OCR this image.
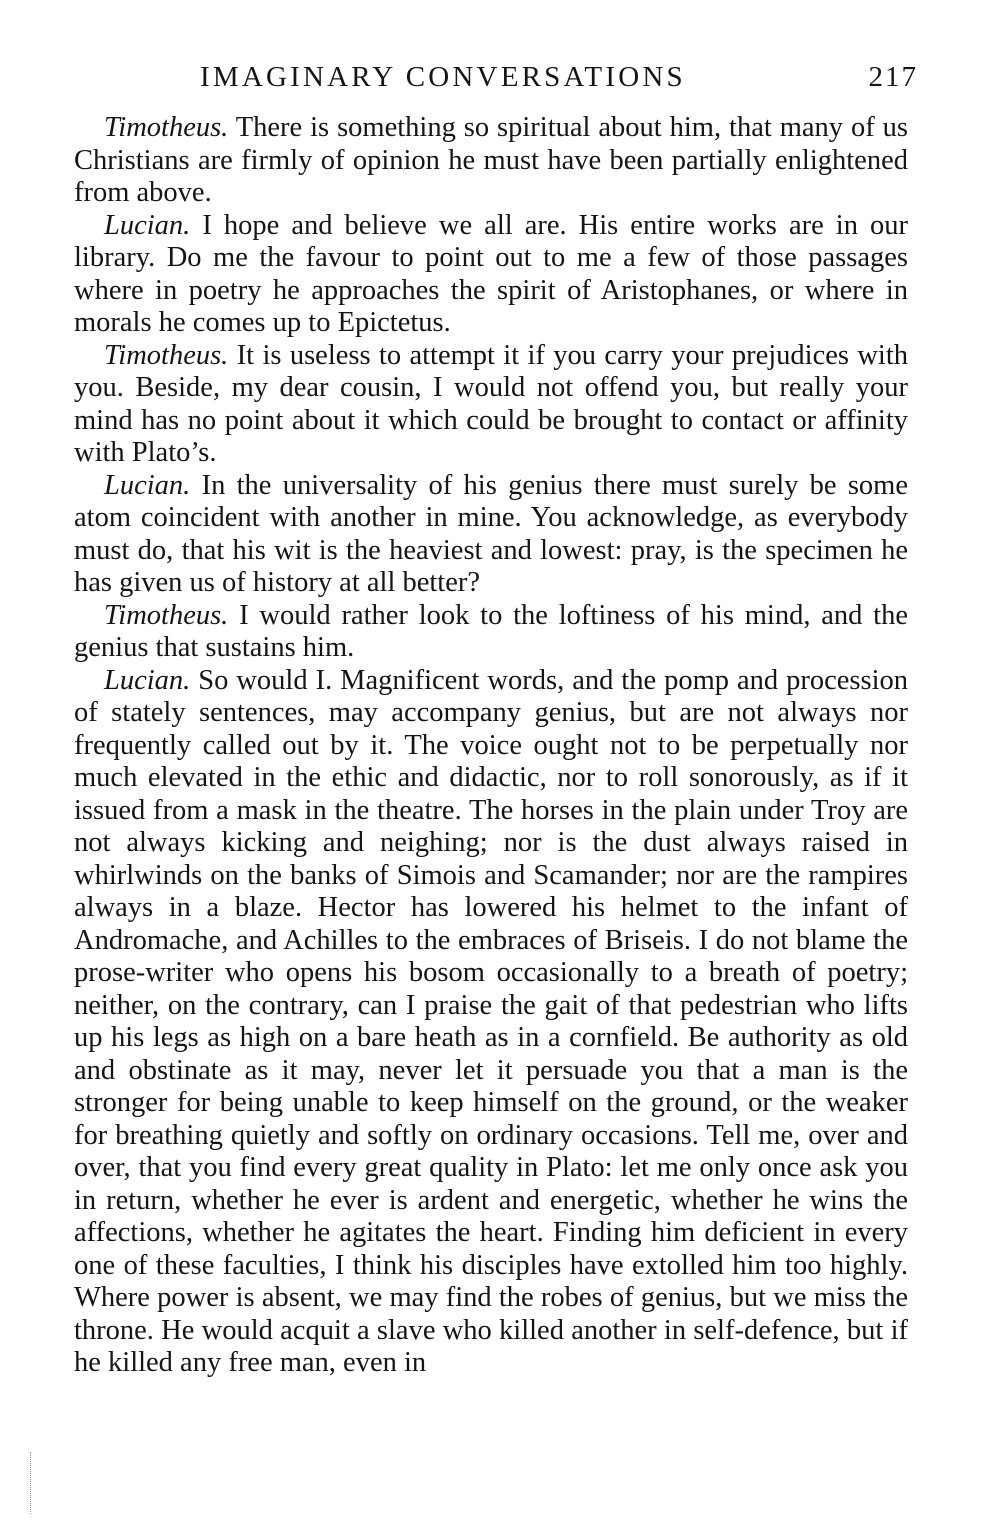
IMAGINARY CONVERSATIONS	217

Timotheus. There is something so spiritual about him, that many of us Christians are firmly of opinion he must have been partially enlightened from above.

Lucian. I hope and believe we all are. His entire works are in our library. Do me the favour to point out to me a few of those passages where in poetry he approaches the spirit of Aristophanes, or where in morals he comes up to Epictetus.

Timotheus. It is useless to attempt it if you carry your prejudices with you. Beside, my dear cousin, I would not offend you, but really your mind has no point about it which could be brought to contact or affinity with Plato’s.

Lucian. In the universality of his genius there must surely be some atom coincident with another in mine. You acknowledge, as everybody must do, that his wit is the heaviest and lowest: pray, is the specimen he has given us of history at all better?

Timotheus. I would rather look to the loftiness of his mind, and the genius that sustains him.

Lucian. So would I. Magnificent words, and the pomp and procession of stately sentences, may accompany genius, but are not always nor frequently called out by it. The voice ought not to be perpetually nor much elevated in the ethic and didactic, nor to roll sonorously, as if it issued from a mask in the theatre. The horses in the plain under Troy are not always kicking and neighing; nor is the dust always raised in whirlwinds on the banks of Simois and Scamander; nor are the rampires always in a blaze. Hector has lowered his helmet to the infant of Andromache, and Achilles to the embraces of Briseis. I do not blame the prose-writer who opens his bosom occasionally to a breath of poetry; neither, on the contrary, can I praise the gait of that pedestrian who lifts up his legs as high on a bare heath as in a cornfield. Be authority as old and obstinate as it may, never let it persuade you that a man is the stronger for being unable to keep himself on the ground, or the weaker for breathing quietly and softly on ordinary occasions. Tell me, over and over, that you find every great quality in Plato: let me only once ask you in return, whether he ever is ardent and energetic, whether he wins the affections, whether he agitates the heart. Finding him deficient in every one of these faculties, I think his disciples have extolled him too highly. Where power is absent, we may find the robes of genius, but we miss the throne. He would acquit a slave who killed another in self-defence, but if he killed any free man, even in
